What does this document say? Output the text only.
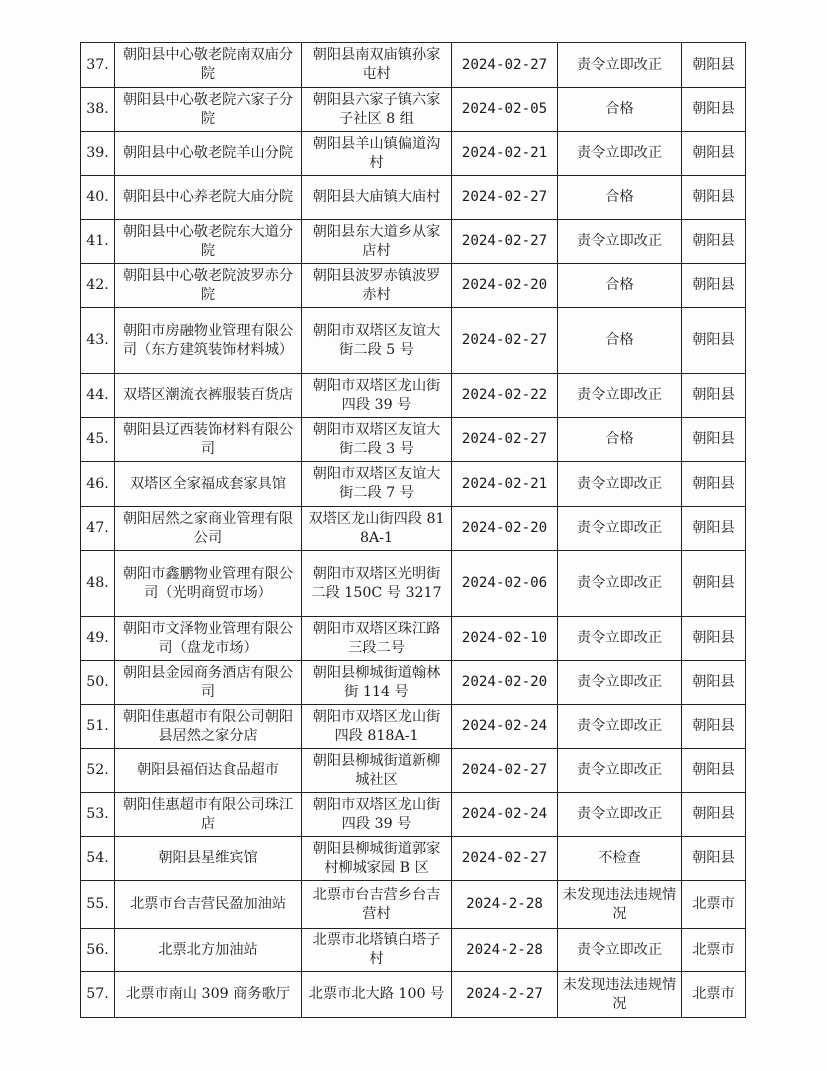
37.	朝阳县中心敬老院南双庙分院	朝阳县南双庙镇孙家屯村	2024-02-27	责令立即改正	朝阳县
38.	朝阳县中心敬老院六家子分院	朝阳县六家子镇六家子社区 8 组	2024-02-05	合格	朝阳县
39.	朝阳县中心敬老院羊山分院	朝阳县羊山镇偏道沟村	2024-02-21	责令立即改正	朝阳县
40.	朝阳县中心养老院大庙分院	朝阳县大庙镇大庙村	2024-02-27	合格	朝阳县
41.	朝阳县中心敬老院东大道分院	朝阳县东大道乡从家店村	2024-02-27	责令立即改正	朝阳县
42.	朝阳县中心敬老院波罗赤分院	朝阳县波罗赤镇波罗赤村	2024-02-20	合格	朝阳县
43.	朝阳市房融物业管理有限公司（东方建筑装饰材料城）	朝阳市双塔区友谊大街二段 5 号	2024-02-27	合格	朝阳县
44.	双塔区潮流衣裤服装百货店	朝阳市双塔区龙山街四段 39 号	2024-02-22	责令立即改正	朝阳县
45.	朝阳县辽西装饰材料有限公司	朝阳市双塔区友谊大街二段 3 号	2024-02-27	合格	朝阳县
46.	双塔区全家福成套家具馆	朝阳市双塔区友谊大街二段 7 号	2024-02-21	责令立即改正	朝阳县
47.	朝阳居然之家商业管理有限公司	双塔区龙山街四段 818A-1	2024-02-20	责令立即改正	朝阳县
48.	朝阳市鑫鹏物业管理有限公司（光明商贸市场）	朝阳市双塔区光明街二段 150C 号 3217	2024-02-06	责令立即改正	朝阳县
49.	朝阳市文泽物业管理有限公司（盘龙市场）	朝阳市双塔区珠江路三段二号	2024-02-10	责令立即改正	朝阳县
50.	朝阳县金园商务酒店有限公司	朝阳县柳城街道翰林街 114 号	2024-02-20	责令立即改正	朝阳县
51.	朝阳佳惠超市有限公司朝阳县居然之家分店	朝阳市双塔区龙山街四段 818A-1	2024-02-24	责令立即改正	朝阳县
52.	朝阳县福佰达食品超市	朝阳县柳城街道新柳城社区	2024-02-27	责令立即改正	朝阳县
53.	朝阳佳惠超市有限公司珠江店	朝阳市双塔区龙山街四段 39 号	2024-02-24	责令立即改正	朝阳县
54.	朝阳县星维宾馆	朝阳县柳城街道郭家村柳城家园 B 区	2024-02-27	不检查	朝阳县
55.	北票市台吉营民盈加油站	北票市台吉营乡台吉营村	2024-2-28	未发现违法违规情况	北票市
56.	北票北方加油站	北票市北塔镇白塔子村	2024-2-28	责令立即改正	北票市
57.	北票市南山 309 商务歌厅	北票市北大路 100 号	2024-2-27	未发现违法违规情况	北票市
